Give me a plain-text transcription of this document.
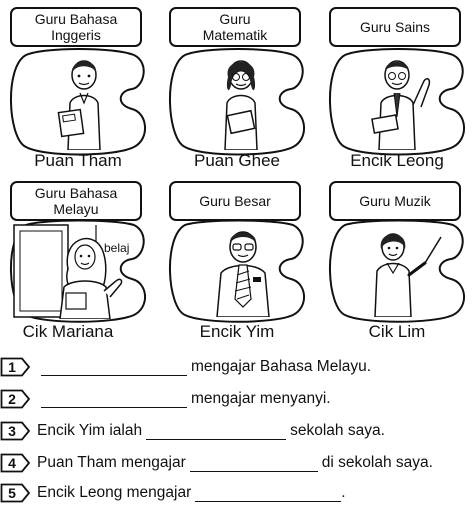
Guru Bahasa
Inggeris
Puan Tham
Guru
Matematik
Puan Ghee
Guru Sains
Encik Leong
Guru Bahasa
Melayu
belaj
Cik Mariana
Guru Besar
Encik Yim
Guru Muzik
Cik Lim
1	mengajar Bahasa Melayu.
2	mengajar menyanyi.
3	Encik Yim ialah	sekolah saya.
4	Puan Tham mengajar	di sekolah saya.
5	Encik Leong mengajar	.
